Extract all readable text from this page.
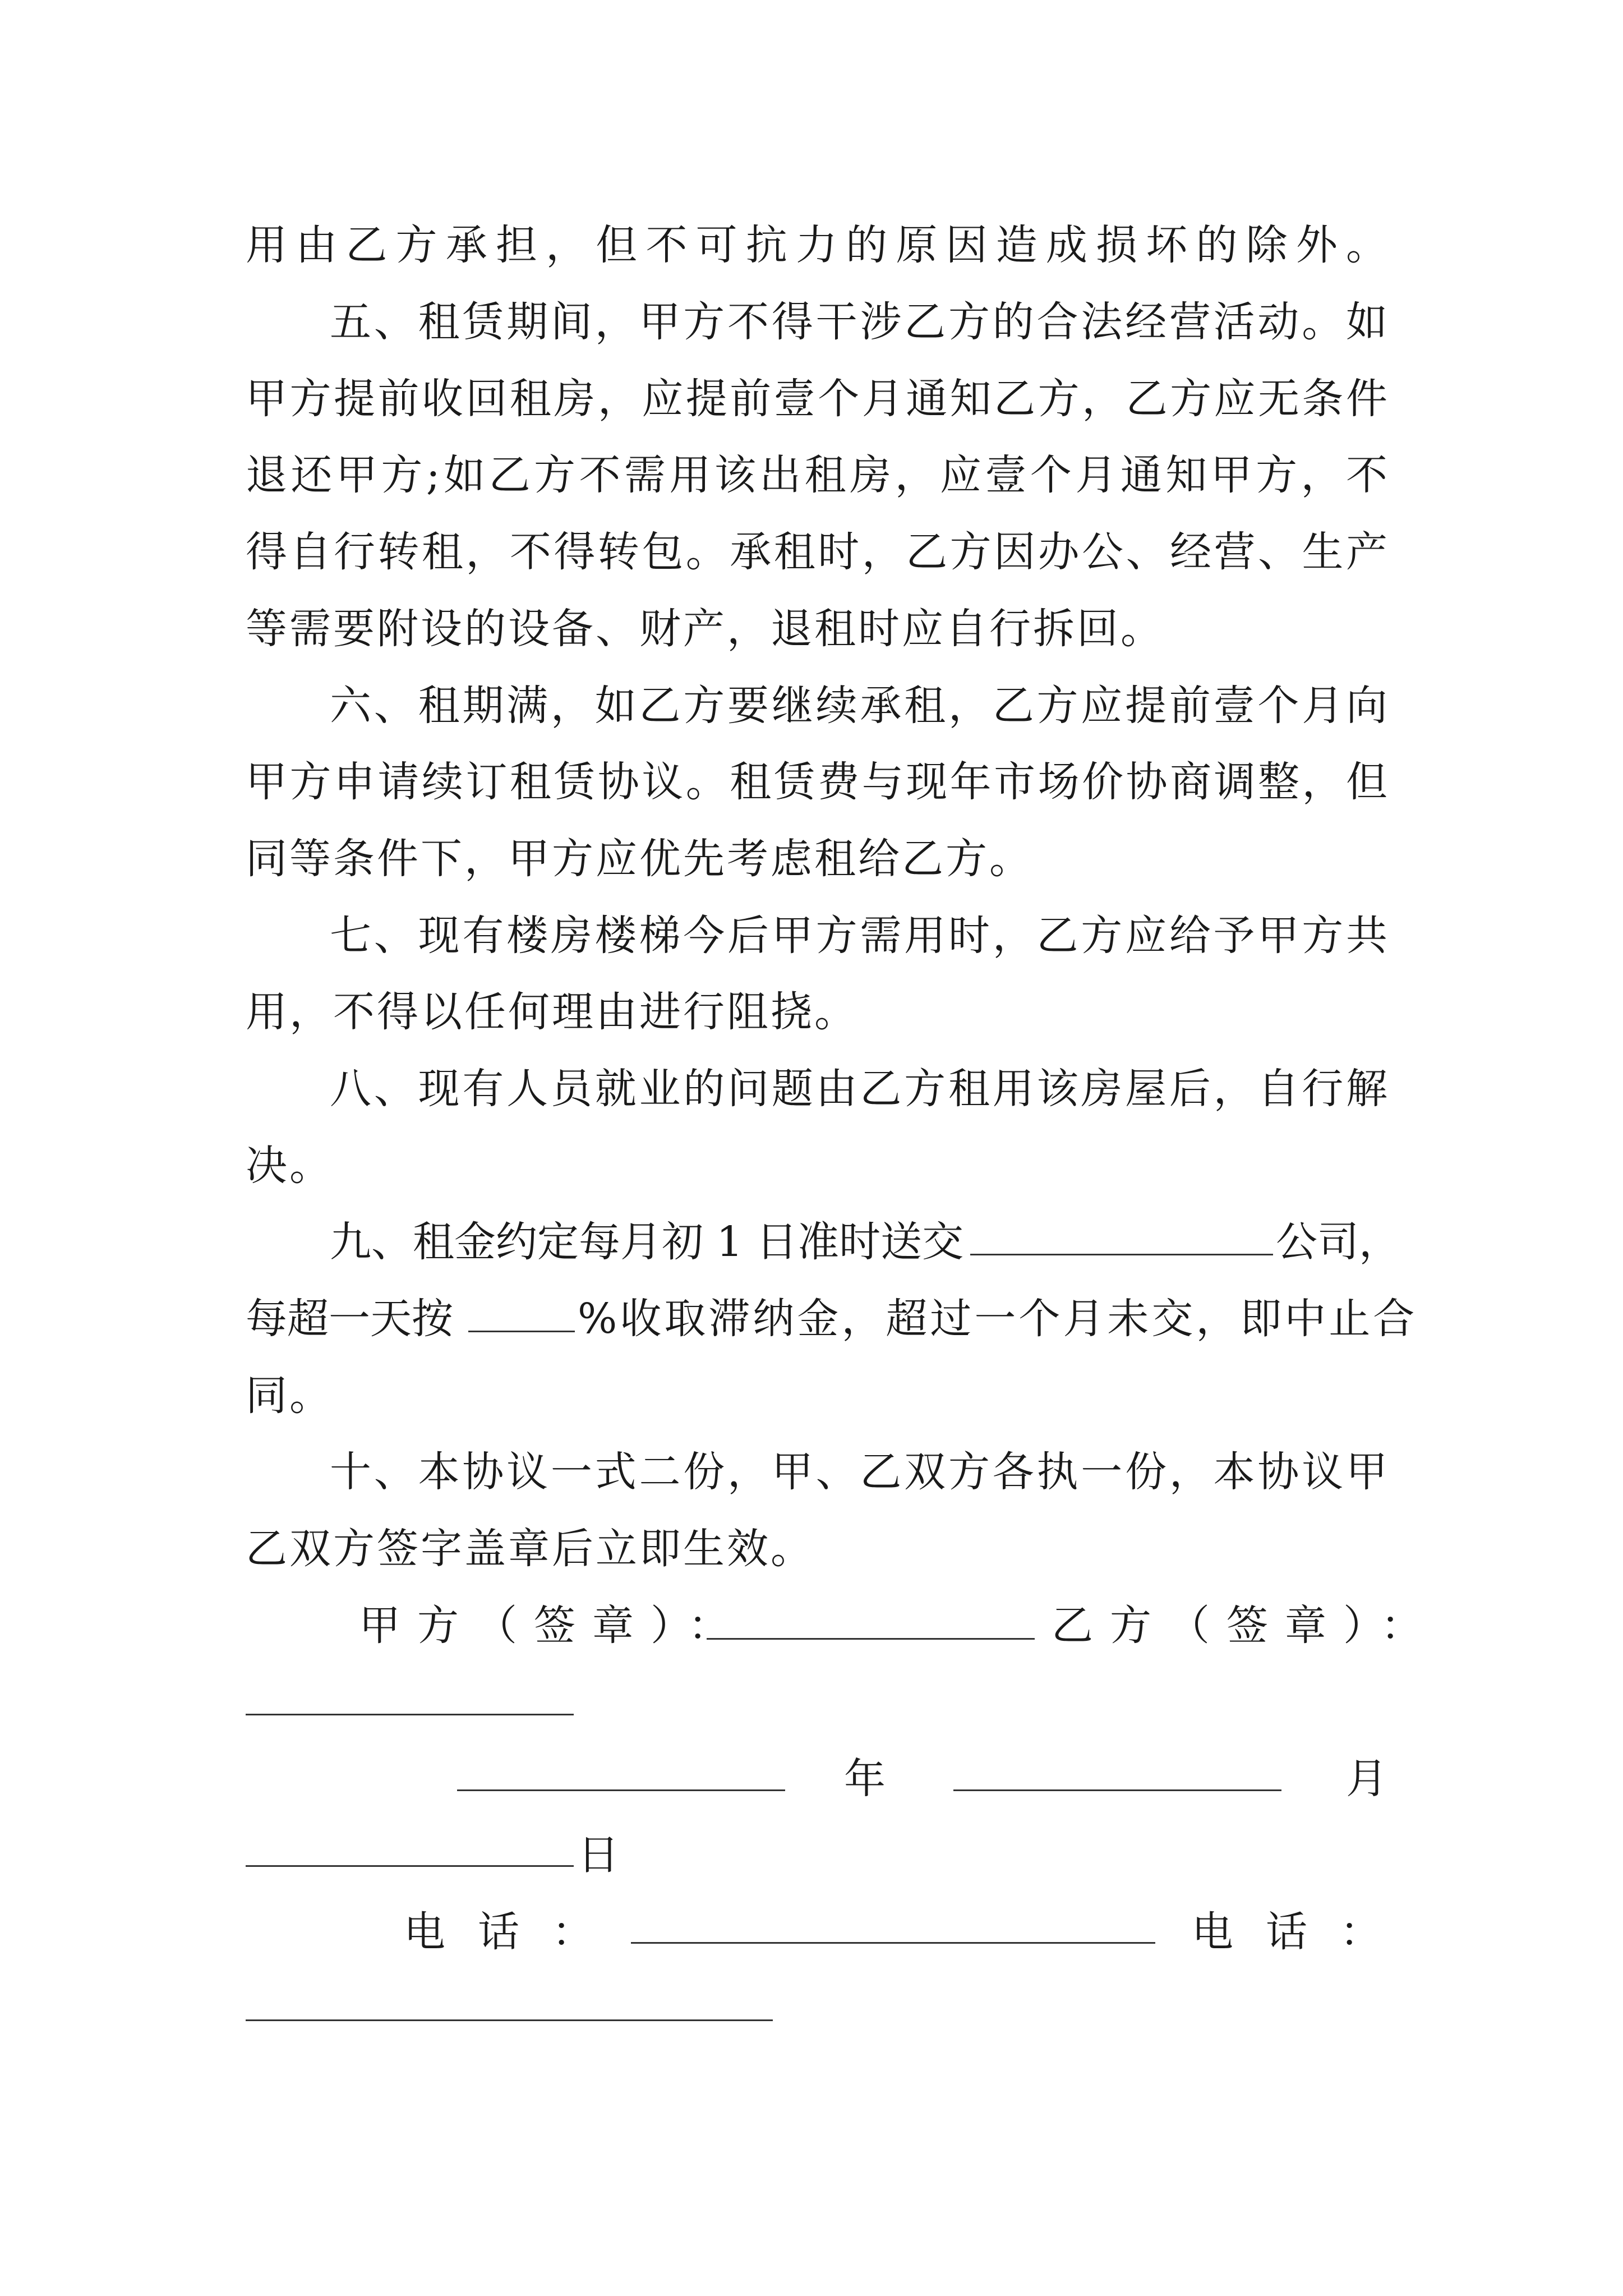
用由乙方承担，但不可抗力的原因造成损坏的除外。
五、租赁期间，甲方不得干涉乙方的合法经营活动。如
甲方提前收回租房，应提前壹个月通知乙方，乙方应无条件
退还甲方;如乙方不需用该出租房，应壹个月通知甲方，不
得自行转租，不得转包。承租时，乙方因办公、经营、生产
等需要附设的设备、财产，退租时应自行拆回。
六、租期满，如乙方要继续承租，乙方应提前壹个月向
甲方申请续订租赁协议。租赁费与现年市场价协商调整，但
同等条件下，甲方应优先考虑租给乙方。
七、现有楼房楼梯今后甲方需用时，乙方应给予甲方共
用，不得以任何理由进行阻挠。
八、现有人员就业的问题由乙方租用该房屋后，自行解
决。
九、租金约定每月初 1 日准时送交	公司，
每超一天按	%收取滞纳金，超过一个月未交，即中止合
同。
十、本协议一式二份，甲、乙双方各执一份，本协议甲
乙双方签字盖章后立即生效。
甲方（签章）：	乙方（签章）：
年	月
日
电话：	电话：
